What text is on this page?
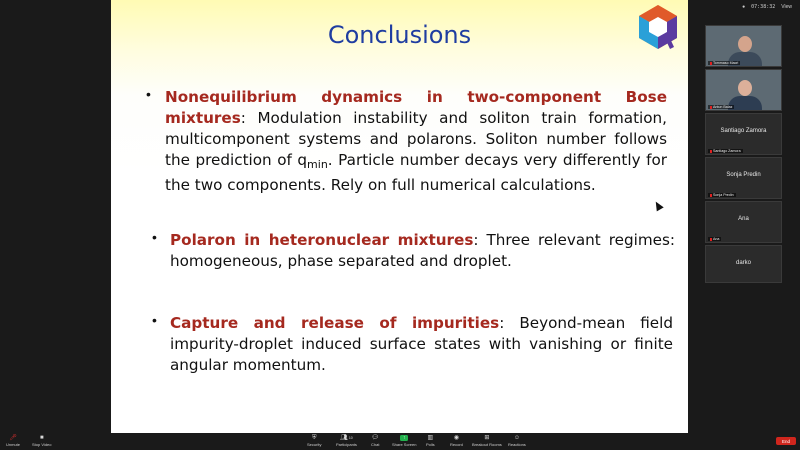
● 07:38:32 View
Conclusions
• Nonequilibrium dynamics in two-component Bose mixtures: Modulation instability and soliton train formation, multicomponent systems and polarons. Soliton number follows the prediction of $q_{min}$. Particle number decays very differently for the two components. Rely on full numerical calculations.
• Polaron in heteronuclear mixtures: Three relevant regimes: homogeneous, phase separated and droplet.
• Capture and release of impurities: Beyond-mean field impurity-droplet induced surface states with vanishing or finite angular momentum.
Tommaso Macri
Antun Balaz
Santiago Zamora
Santiago Zamora
Sonja Predin
Sonja Predin
Ana
Ana
darko
🎤︎
Unmute
■
Stop Video
⛨
Security
👥︎ 10
Participants
💬︎
Chat
↑
Share Screen
▥
Polls
◉
Record
⊞
Breakout Rooms
☺
Reactions
End
